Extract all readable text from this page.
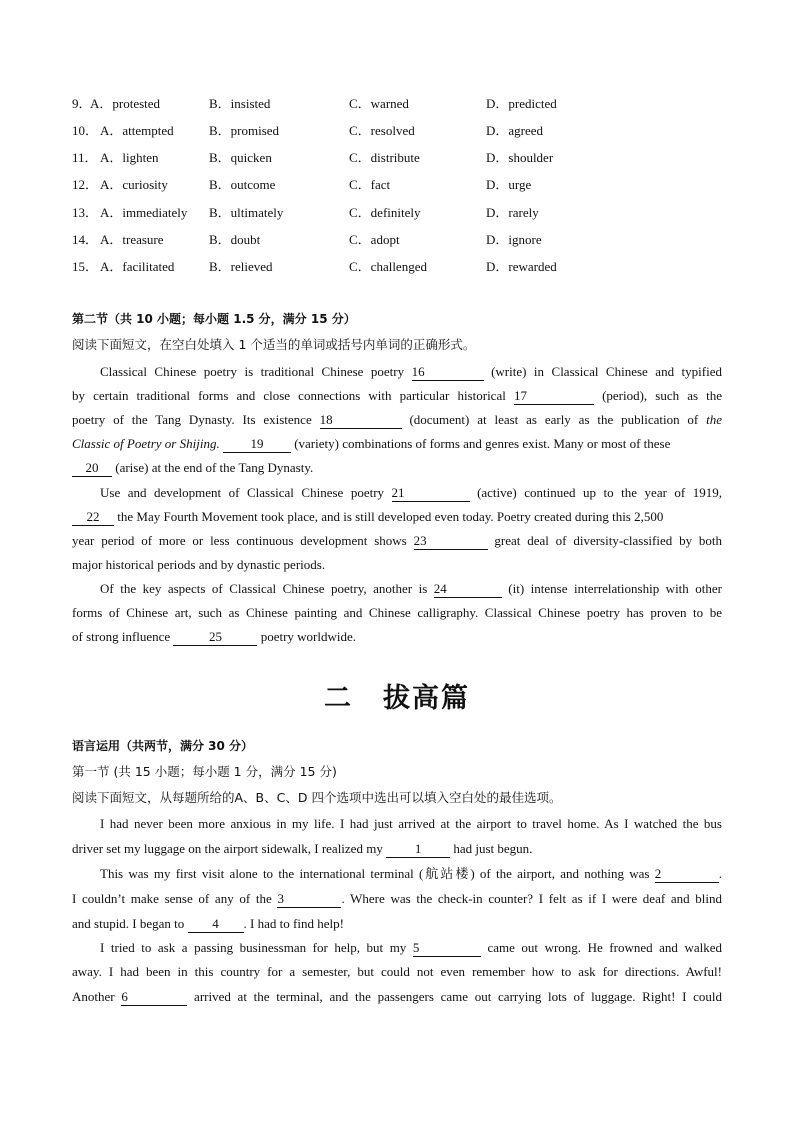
9．
A．protested	B．insisted	C．warned	D．predicted
10． A．attempted	B．promised	C．resolved	D．agreed
11． A．lighten	B．quicken	C．distribute	D．shoulder
12． A．curiosity	B．outcome	C．fact	D．urge
13． A．immediately B．ultimately	C．definitely	D．rarely
14． A．treasure	B．doubt	C．adopt	D．ignore
15． A．facilitated	B．relieved	C．challenged	D．rewarded
第二节（共 10 小题；每小题 1.5 分，满分 15 分）
阅读下面短文，在空白处填入 1 个适当的单词或括号内单词的正确形式。
Classical Chinese poetry is traditional Chinese poetry 16	(write) in Classical Chinese and typified
by certain traditional forms and close connections with particular historical 17	(period), such as the
poetry of the Tang Dynasty. Its existence 18	(document) at least as early as the publication of the
Classic of Poetry or Shijing. 19 (variety) combinations of forms and genres exist. Many or most of these
20 (arise) at the end of the Tang Dynasty.
Use and development of Classical Chinese poetry 21	(active) continued up to the year of 1919,
22 the May Fourth Movement took place, and is still developed even today. Poetry created during this 2,500
year period of more or less continuous development shows 23	great deal of diversity-classified by both
major historical periods and by dynastic periods.
Of the key aspects of Classical Chinese poetry, another is 24	(it) intense interrelationship with other
forms of Chinese art, such as Chinese painting and Chinese calligraphy. Classical Chinese poetry has proven to be
of strong influence	25	poetry worldwide.
二 拔高篇
语言运用（共两节，满分 30 分）
第一节 (共 15 小题；每小题 1 分，满分 15 分)
阅读下面短文，从每题所给的A、B、C、D 四个选项中选出可以填入空白处的最佳选项。
I had never been more anxious in my life. I had just arrived at the airport to travel home. As I watched the bus
driver set my luggage on the airport sidewalk, I realized my 1 had just begun.
This was my first visit alone to the international terminal (航站楼) of the airport, and nothing was 2	.
I couldn’t make sense of any of the 3	. Where was the check-in counter? I felt as if I were deaf and blind
and stupid. I began to 4 . I had to find help!
I tried to ask a passing businessman for help, but my 5	came out wrong. He frowned and walked
away. I had been in this country for a semester, but could not even remember how to ask for directions. Awful!
Another 6	arrived at the terminal, and the passengers came out carrying lots of luggage. Right! I could
